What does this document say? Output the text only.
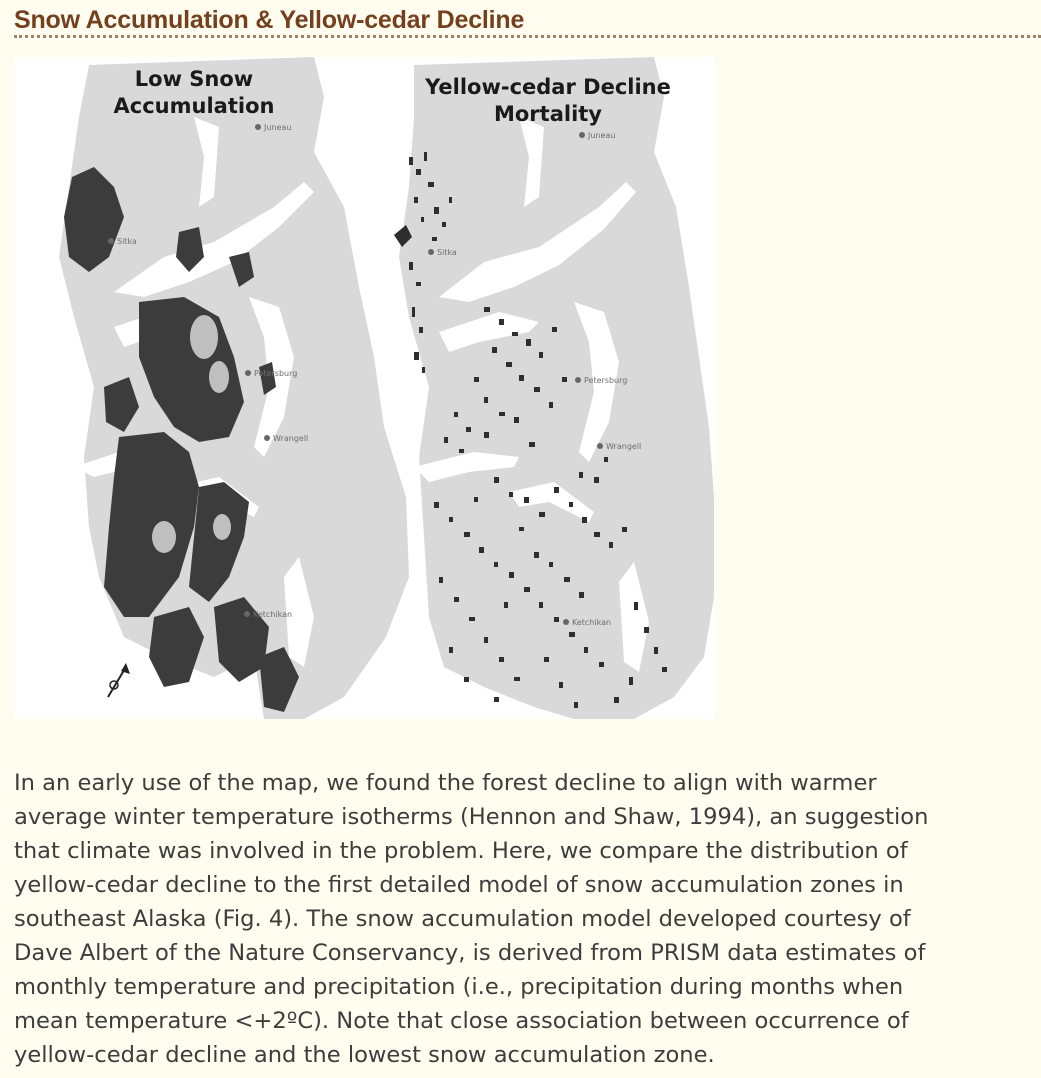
Snow Accumulation & Yellow-cedar Decline
Juneau
Sitka
Petersburg
Wrangell
Ketchikan
Low Snow
Accumulation
Juneau
Sitka
Petersburg
Wrangell
Ketchikan
Yellow-cedar Decline
Mortality

In an early use of the map, we found the forest decline to align with warmer
average winter temperature isotherms (Hennon and Shaw, 1994), an suggestion
that climate was involved in the problem. Here, we compare the distribution of
yellow-cedar decline to the first detailed model of snow accumulation zones in
southeast Alaska (Fig. 4). The snow accumulation model developed courtesy of
Dave Albert of the Nature Conservancy, is derived from PRISM data estimates of
monthly temperature and precipitation (i.e., precipitation during months when
mean temperature <+2ºC). Note that close association between occurrence of
yellow-cedar decline and the lowest snow accumulation zone.
